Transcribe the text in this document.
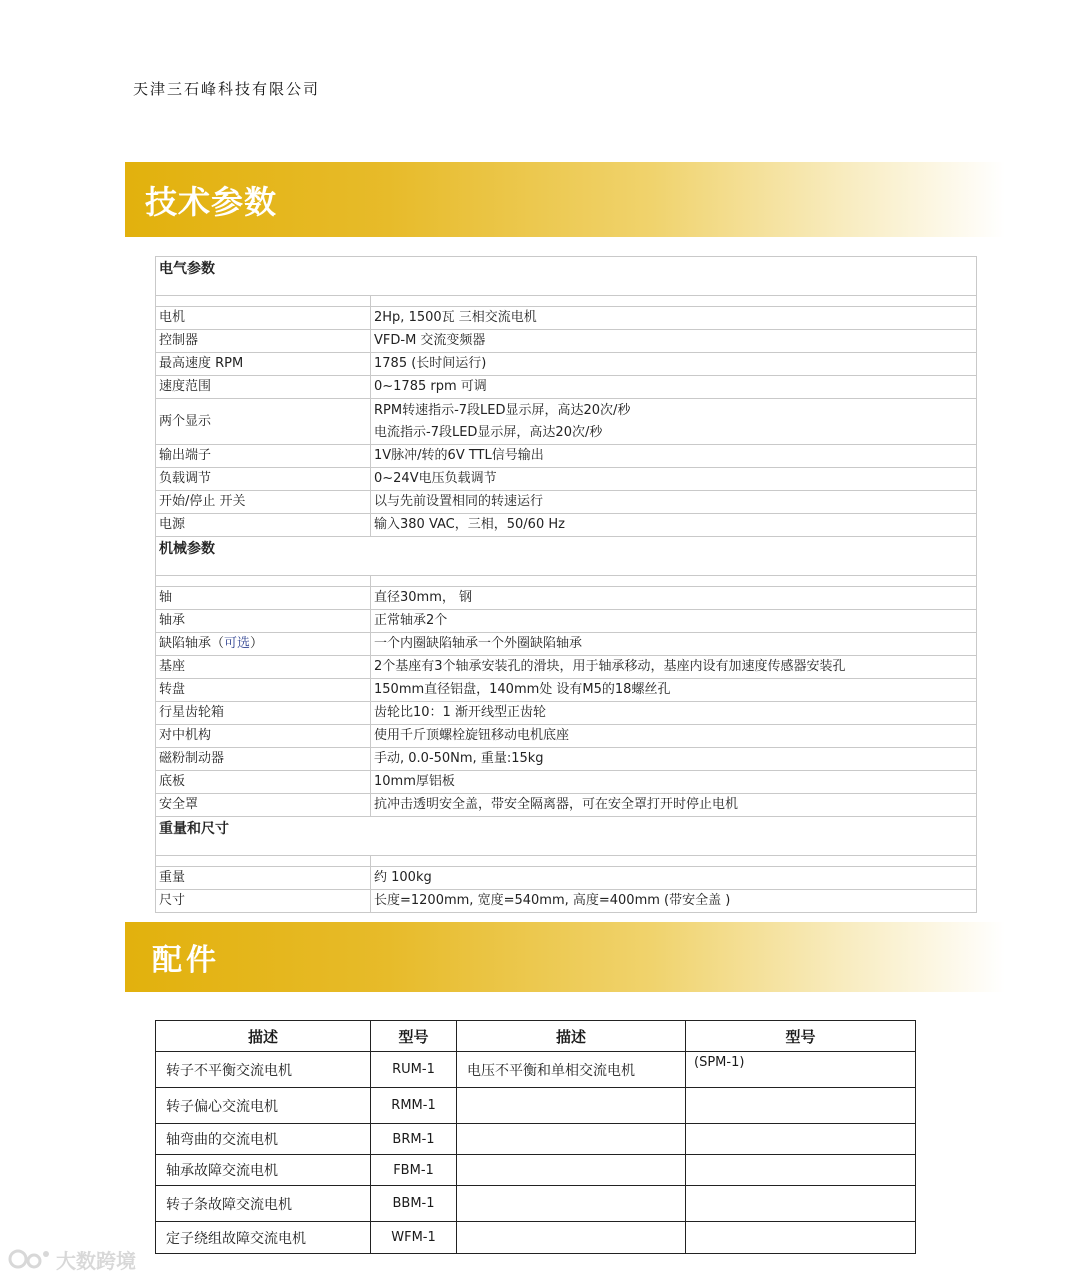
天津三石峰科技有限公司
技术参数
电气参数	

电机	2Hp, 1500瓦 三相交流电机
控制器	VFD-M 交流变频器
最高速度 RPM	1785 (长时间运行)
速度范围	0~1785 rpm 可调
两个显示	RPM转速指示-7段LED显示屏，高达20次/秒
电流指示-7段LED显示屏，高达20次/秒

输出端子	1V脉冲/转的6V TTL信号输出
负载调节	0~24V电压负载调节
开始/停止 开关	以与先前设置相同的转速运行
电源	输入380 VAC，三相，50/60 Hz
机械参数	

轴	直径30mm， 钢
轴承	正常轴承2个
缺陷轴承（可选）	一个内圈缺陷轴承一个外圈缺陷轴承
基座	2个基座有3个轴承安装孔的滑块，用于轴承移动，基座内设有加速度传感器安装孔
转盘	150mm直径铝盘，140mm处 设有M5的18螺丝孔
行星齿轮箱	齿轮比10：1 渐开线型正齿轮
对中机构	使用千斤顶螺栓旋钮移动电机底座
磁粉制动器	手动, 0.0-50Nm, 重量:15kg
底板	10mm厚铝板
安全罩	抗冲击透明安全盖，带安全隔离器，可在安全罩打开时停止电机
重量和尺寸	

重量	约 100kg
尺寸	长度=1200mm, 宽度=540mm, 高度=400mm (带安全盖 )
配件
描述	型号	描述	型号
转子不平衡交流电机	RUM-1	电压不平衡和单相交流电机	(SPM-1)
转子偏心交流电机	RMM-1		
轴弯曲的交流电机	BRM-1		
轴承故障交流电机	FBM-1		
转子条故障交流电机	BBM-1		
定子绕组故障交流电机	WFM-1		
大数跨境
